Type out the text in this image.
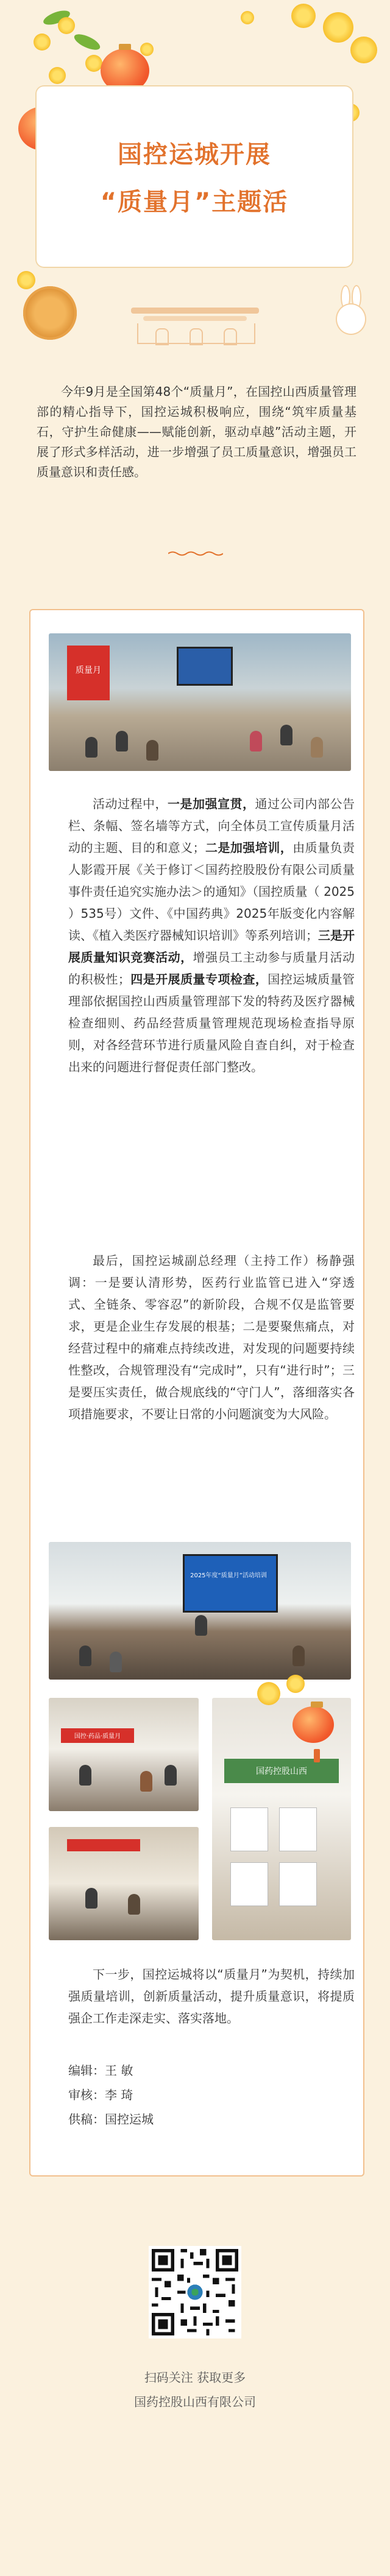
国控运城开展
“质量月”主题活

今年9月是全国第48个“质量月”，在国控山西质量管理部的精心指导下，国控运城积极响应，围绕“筑牢质量基石，守护生命健康——赋能创新，驱动卓越”活动主题，开展了形式多样活动，进一步增强了员工质量意识，增强员工质量意识和责任感。

质量月

活动过程中，一是加强宣贯，通过公司内部公告栏、条幅、签名墙等方式，向全体员工宣传质量月活动的主题、目的和意义；二是加强培训，由质量负责人影霞开展《关于修订＜国药控股股份有限公司质量事件责任追究实施办法＞的通知》（国控质量（ 2025 ）535号）文件、《中国药典》2025年版变化内容解读、《植入类医疗器械知识培训》等系列培训；三是开展质量知识竞赛活动，增强员工主动参与质量月活动的积极性；四是开展质量专项检查，国控运城质量管理部依据国控山西质量管理部下发的特药及医疗器械检查细则、药品经营质量管理规范现场检查指导原则，对各经营环节进行质量风险自查自纠，对于检查出来的问题进行督促责任部门整改。

最后，国控运城副总经理（主持工作）杨静强调：一是要认清形势，医药行业监管已进入“穿透式、全链条、零容忍”的新阶段，合规不仅是监管要求，更是企业生存发展的根基；二是要聚焦痛点，对经营过程中的痛难点持续改进，对发现的问题要持续性整改，合规管理没有“完成时”，只有“进行时”；三是要压实责任，做合规底线的“守门人”，落细落实各项措施要求，不要让日常的小问题演变为大风险。

2025年度“质量月”活动培训
国控·药品·质量月
国药控股山西

下一步，国控运城将以“质量月”为契机，持续加强质量培训，创新质量活动，提升质量意识，将提质强企工作走深走实、落实落地。

编辑：王 敏
审核：李 琦
供稿：国控运城
扫码关注 获取更多
国药控股山西有限公司
